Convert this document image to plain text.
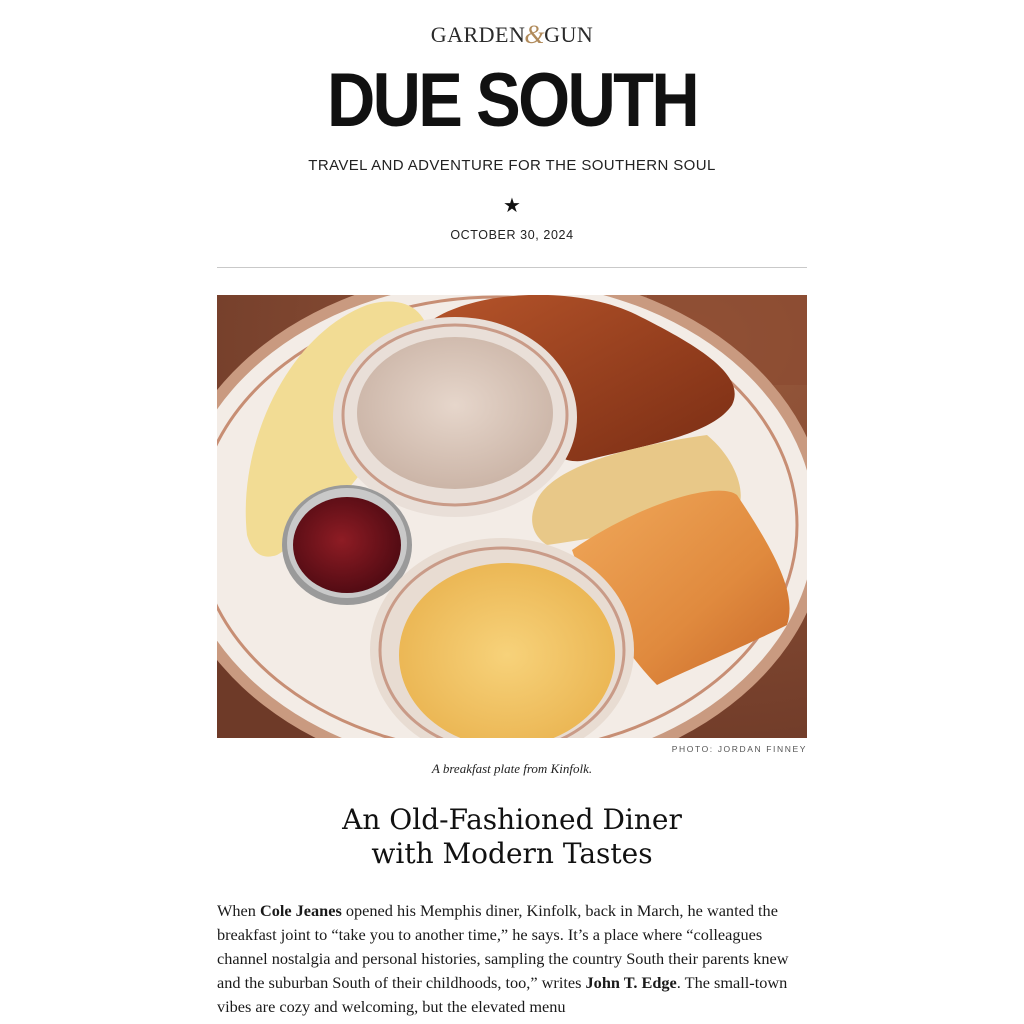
GARDEN&GUN
DUE SOUTH
TRAVEL AND ADVENTURE FOR THE SOUTHERN SOUL
★
OCTOBER 30, 2024
PHOTO: JORDAN FINNEY
A breakfast plate from Kinfolk.
An Old-Fashioned Diner
with Modern Tastes

When Cole Jeanes opened his Memphis diner, Kinfolk, back in March, he wanted the breakfast joint to “take you to another time,” he says. It’s a place where “colleagues channel nostalgia and personal histories, sampling the country South their parents knew and the suburban South of their childhoods, too,” writes John T. Edge. The small-town vibes are cozy and welcoming, but the elevated menu
